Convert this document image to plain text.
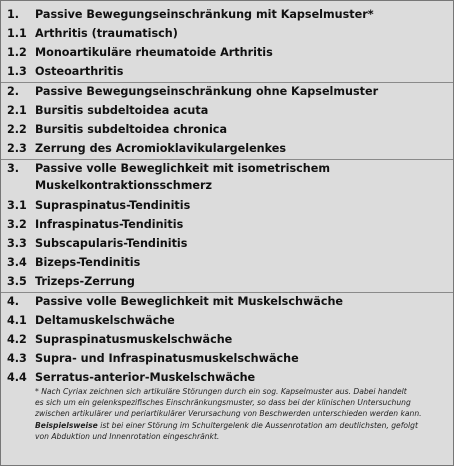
1. Passive Bewegungseinschränkung mit Kapselmuster*
1.1 Arthritis (traumatisch)
1.2 Monoartikuläre rheumatoide Arthritis
1.3 Osteoarthritis
2. Passive Bewegungseinschränkung ohne Kapselmuster
2.1 Bursitis subdeltoidea acuta
2.2 Bursitis subdeltoidea chronica
2.3 Zerrung des Acromioklavikulargelenkes
3. Passive volle Beweglichkeit mit isometrischem
Muskelkontraktionsschmerz
3.1 Supraspinatus-Tendinitis
3.2 Infraspinatus-Tendinitis
3.3 Subscapularis-Tendinitis
3.4 Bizeps-Tendinitis
3.5 Trizeps-Zerrung
4. Passive volle Beweglichkeit mit Muskelschwäche
4.1 Deltamuskelschwäche
4.2 Supraspinatusmuskelschwäche
4.3 Supra- und Infraspinatusmuskelschwäche
4.4 Serratus-anterior-Muskelschwäche
* Nach Cyriax zeichnen sich artikuläre Störungen durch ein sog. Kapselmuster aus. Dabei handelt
es sich um ein gelenkspezifisches Einschränkungsmuster, so dass bei der klinischen Untersuchung
zwischen artikulärer und periartikulärer Verursachung von Beschwerden unterschieden werden kann.
Beispielsweise ist bei einer Störung im Schultergelenk die Aussenrotation am deutlichsten, gefolgt
von Abduktion und Innenrotation eingeschränkt.
